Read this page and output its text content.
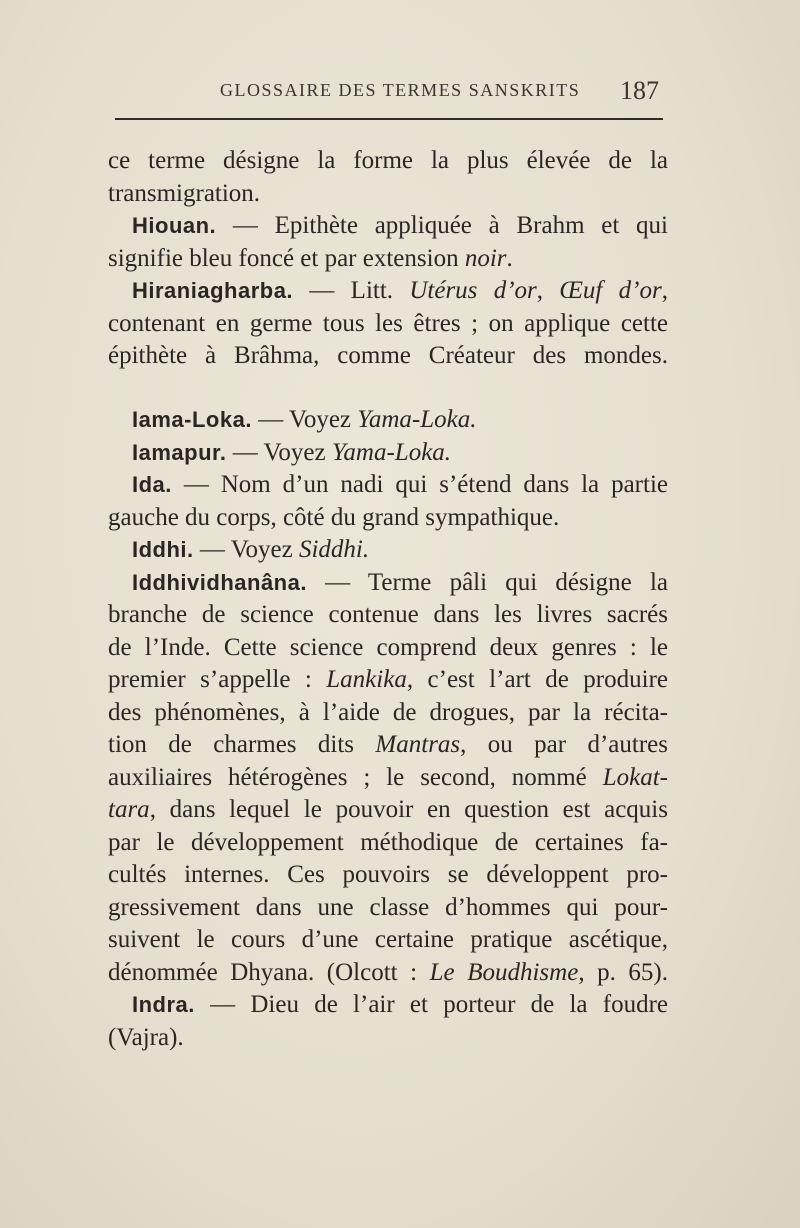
GLOSSAIRE DES TERMES SANSKRITS 187
ce terme désigne la forme la plus élevée de la
transmigration.
Hiouan. — Epithète appliquée à Brahm et qui
signifie bleu foncé et par extension noir.
Hiraniagharba. — Litt. Utérus d’or, Œuf d’or,
contenant en germe tous les êtres ; on applique cette
épithète à Brâhma, comme Créateur des mondes.
Iama-Loka. — Voyez Yama-Loka.
Iamapur. — Voyez Yama-Loka.
Ida. — Nom d’un nadi qui s’étend dans la partie
gauche du corps, côté du grand sympathique.
Iddhi. — Voyez Siddhi.
Iddhividhanâna. — Terme pâli qui désigne la
branche de science contenue dans les livres sacrés
de l’Inde. Cette science comprend deux genres : le
premier s’appelle : Lankika, c’est l’art de produire
des phénomènes, à l’aide de drogues, par la récita-
tion de charmes dits Mantras, ou par d’autres
auxiliaires hétérogènes ; le second, nommé Lokat-
tara, dans lequel le pouvoir en question est acquis
par le développement méthodique de certaines fa-
cultés internes. Ces pouvoirs se développent pro-
gressivement dans une classe d’hommes qui pour-
suivent le cours d’une certaine pratique ascétique,
dénommée Dhyana. (Olcott : Le Boudhisme, p. 65).
Indra. — Dieu de l’air et porteur de la foudre
(Vajra).
